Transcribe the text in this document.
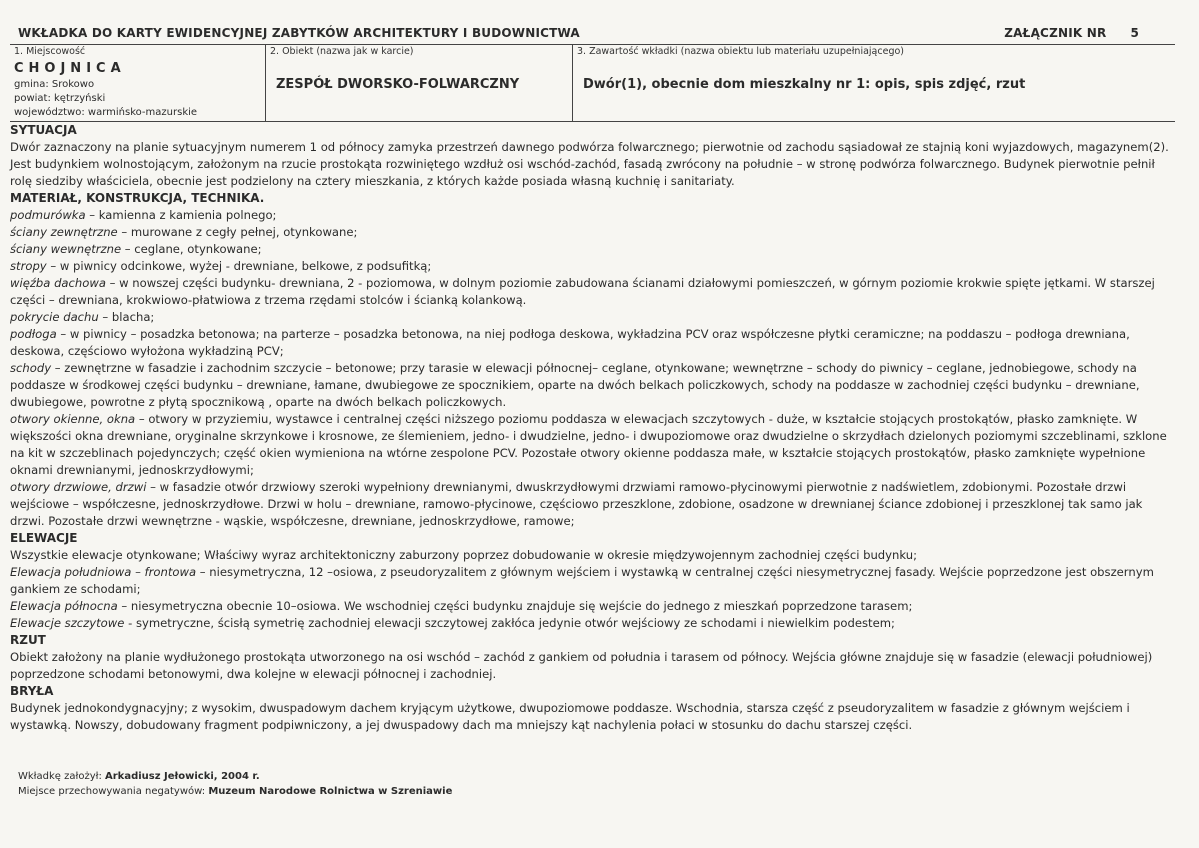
WKŁADKA DO KARTY EWIDENCYJNEJ ZABYTKÓW ARCHITEKTURY I BUDOWNICTWA	ZAŁĄCZNIK NR 5
1. Miejscowość
CHOJNICA
gmina: Srokowo
powiat: kętrzyński
województwo: warmińsko-mazurskie
2. Obiekt (nazwa jak w karcie)
ZESPÓŁ DWORSKO-FOLWARCZNY
3. Zawartość wkładki (nazwa obiektu lub materiału uzupełniającego)
Dwór(1), obecnie dom mieszkalny nr 1: opis, spis zdjęć, rzut
SYTUACJA

Dwór zaznaczony na planie sytuacyjnym numerem 1 od północy zamyka przestrzeń dawnego podwórza folwarcznego; pierwotnie od zachodu sąsiadował ze stajnią koni wyjazdowych, magazynem(2). Jest budynkiem wolnostojącym, założonym na rzucie prostokąta rozwiniętego wzdłuż osi wschód-zachód, fasadą zwrócony na południe – w stronę podwórza folwarcznego. Budynek pierwotnie pełnił rolę siedziby właściciela, obecnie jest podzielony na cztery mieszkania, z których każde posiada własną kuchnię i sanitariaty.

MATERIAŁ, KONSTRUKCJA, TECHNIKA.

podmurówka – kamienna z kamienia polnego;

ściany zewnętrzne – murowane z cegły pełnej, otynkowane;

ściany wewnętrzne – ceglane, otynkowane;

stropy – w piwnicy odcinkowe, wyżej - drewniane, belkowe, z podsufitką;

więźba dachowa – w nowszej części budynku- drewniana, 2 - poziomowa, w dolnym poziomie zabudowana ścianami działowymi pomieszczeń, w górnym poziomie krokwie spięte jętkami. W starszej części – drewniana, krokwiowo-płatwiowa z trzema rzędami stolców i ścianką kolankową.

pokrycie dachu – blacha;

podłoga – w piwnicy – posadzka betonowa; na parterze – posadzka betonowa, na niej podłoga deskowa, wykładzina PCV oraz współczesne płytki ceramiczne; na poddaszu – podłoga drewniana, deskowa, częściowo wyłożona wykładziną PCV;

schody – zewnętrzne w fasadzie i zachodnim szczycie – betonowe; przy tarasie w elewacji północnej– ceglane, otynkowane; wewnętrzne – schody do piwnicy – ceglane, jednobiegowe, schody na poddasze w środkowej części budynku – drewniane, łamane, dwubiegowe ze spocznikiem, oparte na dwóch belkach policzkowych, schody na poddasze w zachodniej części budynku – drewniane, dwubiegowe, powrotne z płytą spocznikową , oparte na dwóch belkach policzkowych.

otwory okienne, okna – otwory w przyziemiu, wystawce i centralnej części niższego poziomu poddasza w elewacjach szczytowych - duże, w kształcie stojących prostokątów, płasko zamknięte. W większości okna drewniane, oryginalne skrzynkowe i krosnowe, ze ślemieniem, jedno- i dwudzielne, jedno- i dwupoziomowe oraz dwudzielne o skrzydłach dzielonych poziomymi szczeblinami, szklone na kit w szczeblinach pojedynczych; część okien wymieniona na wtórne zespolone PCV. Pozostałe otwory okienne poddasza małe, w kształcie stojących prostokątów, płasko zamknięte wypełnione oknami drewnianymi, jednoskrzydłowymi;

otwory drzwiowe, drzwi – w fasadzie otwór drzwiowy szeroki wypełniony drewnianymi, dwuskrzydłowymi drzwiami ramowo-płycinowymi pierwotnie z nadświetlem, zdobionymi. Pozostałe drzwi wejściowe – współczesne, jednoskrzydłowe. Drzwi w holu – drewniane, ramowo-płycinowe, częściowo przeszklone, zdobione, osadzone w drewnianej ściance zdobionej i przeszklonej tak samo jak drzwi. Pozostałe drzwi wewnętrzne - wąskie, współczesne, drewniane, jednoskrzydłowe, ramowe;

ELEWACJE

Wszystkie elewacje otynkowane; Właściwy wyraz architektoniczny zaburzony poprzez dobudowanie w okresie międzywojennym zachodniej części budynku;

Elewacja południowa – frontowa – niesymetryczna, 12 –osiowa, z pseudoryzalitem z głównym wejściem i wystawką w centralnej części niesymetrycznej fasady. Wejście poprzedzone jest obszernym gankiem ze schodami;

Elewacja północna – niesymetryczna obecnie 10–osiowa. We wschodniej części budynku znajduje się wejście do jednego z mieszkań poprzedzone tarasem;

Elewacje szczytowe - symetryczne, ścisłą symetrię zachodniej elewacji szczytowej zakłóca jedynie otwór wejściowy ze schodami i niewielkim podestem;

RZUT

Obiekt założony na planie wydłużonego prostokąta utworzonego na osi wschód – zachód z gankiem od południa i tarasem od północy. Wejścia główne znajduje się w fasadzie (elewacji południowej) poprzedzone schodami betonowymi, dwa kolejne w elewacji północnej i zachodniej.

BRYŁA

Budynek jednokondygnacyjny; z wysokim, dwuspadowym dachem kryjącym użytkowe, dwupoziomowe poddasze. Wschodnia, starsza część z pseudoryzalitem w fasadzie z głównym wejściem i wystawką. Nowszy, dobudowany fragment podpiwniczony, a jej dwuspadowy dach ma mniejszy kąt nachylenia połaci w stosunku do dachu starszej części.

Wkładkę założył: Arkadiusz Jełowicki, 2004 r.
Miejsce przechowywania negatywów: Muzeum Narodowe Rolnictwa w Szreniawie
